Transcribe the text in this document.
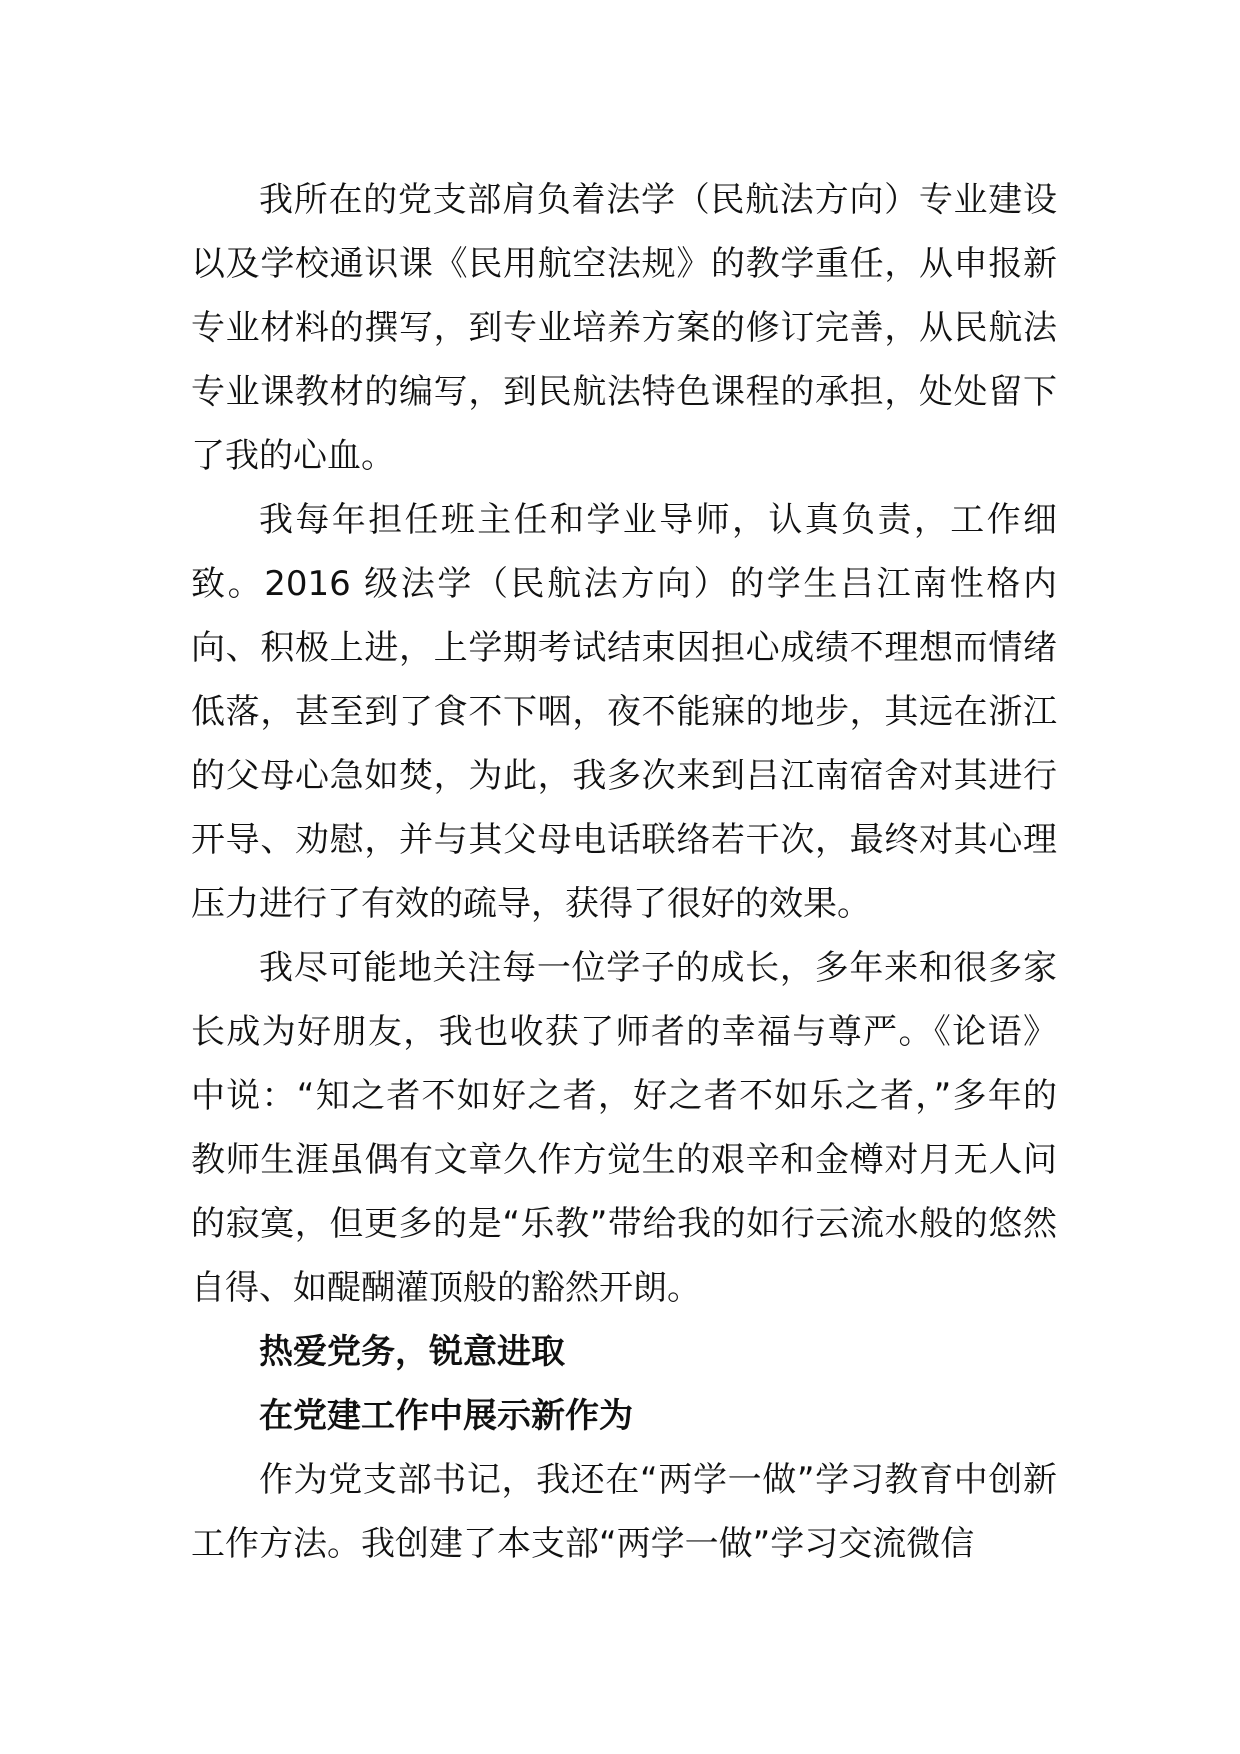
我所在的党支部肩负着法学（民航法方向）专业建设以及学校通识课《民用航空法规》的教学重任，从申报新专业材料的撰写，到专业培养方案的修订完善，从民航法专业课教材的编写，到民航法特色课程的承担，处处留下了我的心血。

我每年担任班主任和学业导师，认真负责，工作细致。2016 级法学（民航法方向）的学生吕江南性格内向、积极上进，上学期考试结束因担心成绩不理想而情绪低落，甚至到了食不下咽，夜不能寐的地步，其远在浙江的父母心急如焚，为此，我多次来到吕江南宿舍对其进行开导、劝慰，并与其父母电话联络若干次，最终对其心理压力进行了有效的疏导，获得了很好的效果。

我尽可能地关注每一位学子的成长，多年来和很多家长成为好朋友，我也收获了师者的幸福与尊严。《论语》中说：“知之者不如好之者，好之者不如乐之者，”多年的教师生涯虽偶有文章久作方觉生的艰辛和金樽对月无人问的寂寞，但更多的是“乐教”带给我的如行云流水般的悠然自得、如醍醐灌顶般的豁然开朗。

热爱党务，锐意进取

在党建工作中展示新作为

作为党支部书记，我还在“两学一做”学习教育中创新工作方法。我创建了本支部“两学一做”学习交流微信
